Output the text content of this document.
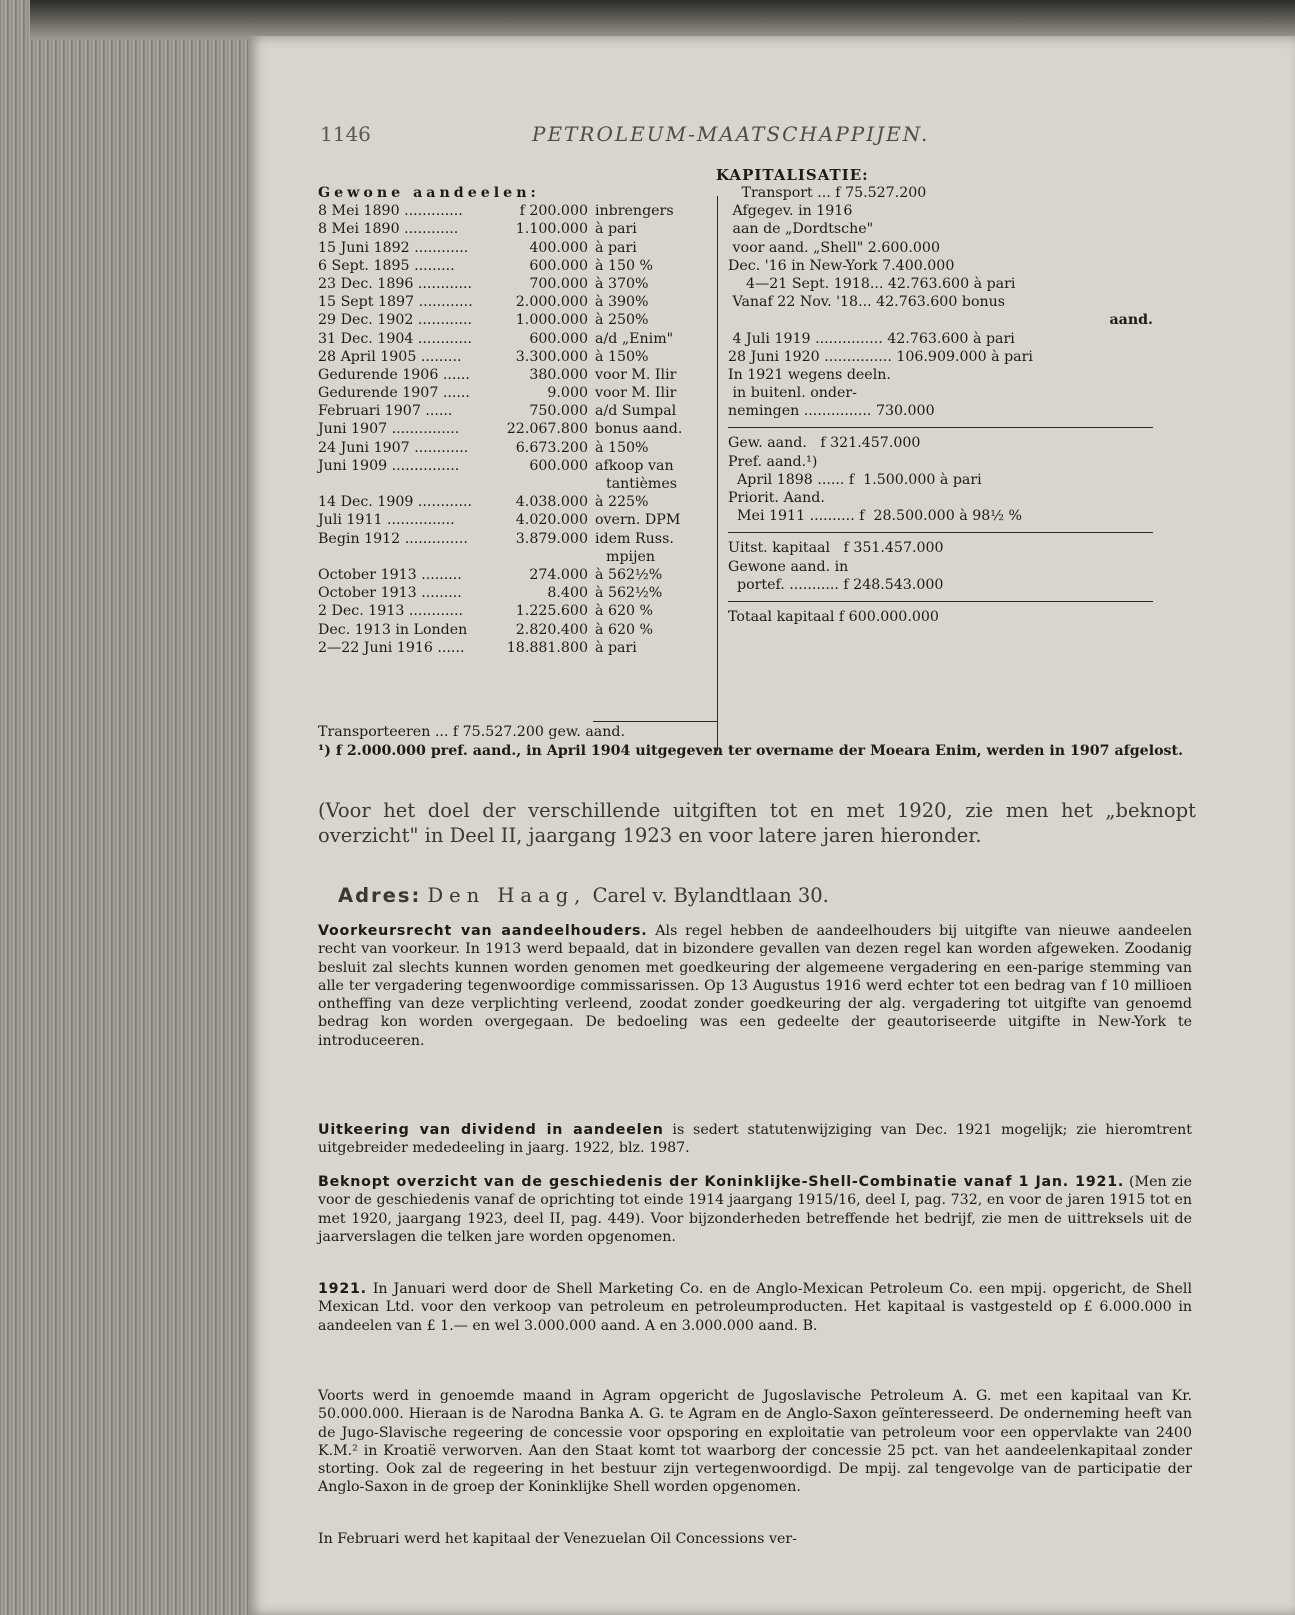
1146	PETROLEUM-MAATSCHAPPIJEN.
KAPITALISATIE:
Gewone aandeelen:
8 Mei 1890 .............	f 200.000 inbrengers
8 Mei 1890 ............	1.100.000 à pari
15 Juni 1892 ............	400.000 à pari
6 Sept. 1895 .........	600.000 à 150 %
23 Dec. 1896 ............	700.000 à 370%
15 Sept 1897 ............	2.000.000 à 390%
29 Dec. 1902 ............	1.000.000 à 250%
31 Dec. 1904 ............	600.000 a/d „Enim"
28 April 1905 .........	3.300.000 à 150%
Gedurende 1906 ......	380.000 voor M. Ilir
Gedurende 1907 ......	9.000 voor M. Ilir
Februari 1907 ......	750.000 a/d Sumpal
Juni 1907 ...............	22.067.800 bonus aand.
24 Juni 1907 ............	6.673.200 à 150%
Juni 1909 ...............	600.000 afkoop van
tantièmes
14 Dec. 1909 ............	4.038.000 à 225%
Juli 1911 ...............	4.020.000 overn. DPM
Begin 1912 ..............	3.879.000 idem Russ.
mpijen
October 1913 .........	274.000 à 562½%
October 1913 .........	8.400 à 562½%
2 Dec. 1913 ............	1.225.600 à 620 %
Dec. 1913 in Londen	2.820.400 à 620 %
2—22 Juni 1916 ......	18.881.800 à pari
Transport ... f 75.527.200
Afgegev. in 1916
aan de „Dordtsche"
voor aand. „Shell" 2.600.000
Dec. '16 in New-York 7.400.000
4—21 Sept. 1918... 42.763.600 à pari
Vanaf 22 Nov. '18... 42.763.600 bonus
aand.
4 Juli 1919 ............... 42.763.600 à pari
28 Juni 1920 ............... 106.909.000 à pari
In 1921 wegens deeln.
in buitenl. onder-
nemingen ............... 730.000
Gew. aand.   f 321.457.000
Pref. aand.¹)
April 1898 ...... f  1.500.000 à pari
Priorit. Aand.
Mei 1911 .......... f  28.500.000 à 98½ %
Uitst. kapitaal   f 351.457.000
Gewone aand. in
portef. ........... f 248.543.000
Totaal kapitaal f 600.000.000
Transporteeren ... f 75.527.200 gew. aand.
¹) f 2.000.000 pref. aand., in April 1904 uitgegeven ter overname der Moeara Enim, werden in 1907 afgelost.
(Voor het doel der verschillende uitgiften tot en met 1920, zie men het „beknopt overzicht" in Deel II, jaargang 1923 en voor latere jaren hieronder.
Adres: Den Haag, Carel v. Bylandtlaan 30.
Voorkeursrecht van aandeelhouders. Als regel hebben de aandeelhouders bij uitgifte van nieuwe aandeelen recht van voorkeur. In 1913 werd bepaald, dat in bizondere gevallen van dezen regel kan worden afgeweken. Zoodanig besluit zal slechts kunnen worden genomen met goedkeuring der algemeene vergadering en een-parige stemming van alle ter vergadering tegenwoordige commissarissen. Op 13 Augustus 1916 werd echter tot een bedrag van f 10 millioen ontheffing van deze verplichting verleend, zoodat zonder goedkeuring der alg. vergadering tot uitgifte van genoemd bedrag kon worden overgegaan. De bedoeling was een gedeelte der geautoriseerde uitgifte in New-York te introduceeren.
Uitkeering van dividend in aandeelen is sedert statutenwijziging van Dec. 1921 mogelijk; zie hieromtrent uitgebreider mededeeling in jaarg. 1922, blz. 1987.
Beknopt overzicht van de geschiedenis der Koninklijke-Shell-Combinatie vanaf 1 Jan. 1921. (Men zie voor de geschiedenis vanaf de oprichting tot einde 1914 jaargang 1915/16, deel I, pag. 732, en voor de jaren 1915 tot en met 1920, jaargang 1923, deel II, pag. 449). Voor bijzonderheden betreffende het bedrijf, zie men de uittreksels uit de jaarverslagen die telken jare worden opgenomen.
1921. In Januari werd door de Shell Marketing Co. en de Anglo-Mexican Petroleum Co. een mpij. opgericht, de Shell Mexican Ltd. voor den verkoop van petroleum en petroleumproducten. Het kapitaal is vastgesteld op £ 6.000.000 in aandeelen van £ 1.— en wel 3.000.000 aand. A en 3.000.000 aand. B.
Voorts werd in genoemde maand in Agram opgericht de Jugoslavische Petroleum A. G. met een kapitaal van Kr. 50.000.000. Hieraan is de Narodna Banka A. G. te Agram en de Anglo-Saxon geïnteresseerd. De onderneming heeft van de Jugo-Slavische regeering de concessie voor opsporing en exploitatie van petroleum voor een oppervlakte van 2400 K.M.² in Kroatië verworven. Aan den Staat komt tot waarborg der concessie 25 pct. van het aandeelenkapitaal zonder storting. Ook zal de regeering in het bestuur zijn vertegenwoordigd. De mpij. zal tengevolge van de participatie der Anglo-Saxon in de groep der Koninklijke Shell worden opgenomen.
In Februari werd het kapitaal der Venezuelan Oil Concessions ver-
